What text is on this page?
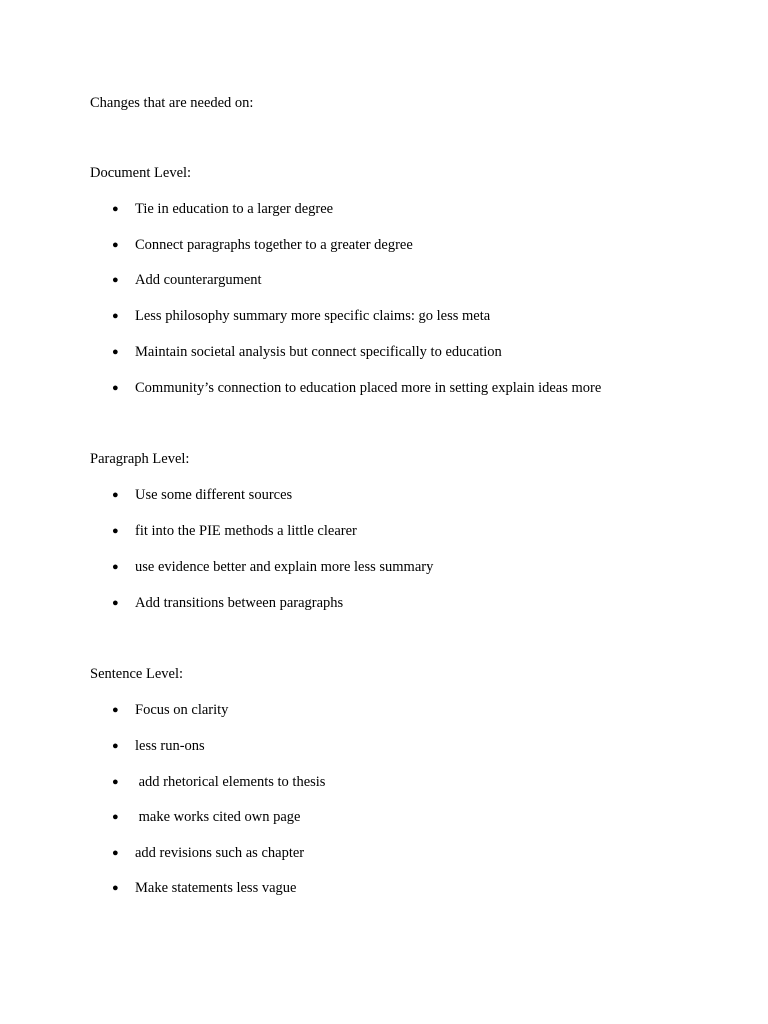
Changes that are needed on:
Document Level:
● Tie in education to a larger degree
● Connect paragraphs together to a greater degree
● Add counterargument
● Less philosophy summary more specific claims: go less meta
● Maintain societal analysis but connect specifically to education
● Community’s connection to education placed more in setting explain ideas more
Paragraph Level:
● Use some different sources
● fit into the PIE methods a little clearer
● use evidence better and explain more less summary
● Add transitions between paragraphs
Sentence Level:
● Focus on clarity
● less run-ons
● add rhetorical elements to thesis
● make works cited own page
● add revisions such as chapter
● Make statements less vague
